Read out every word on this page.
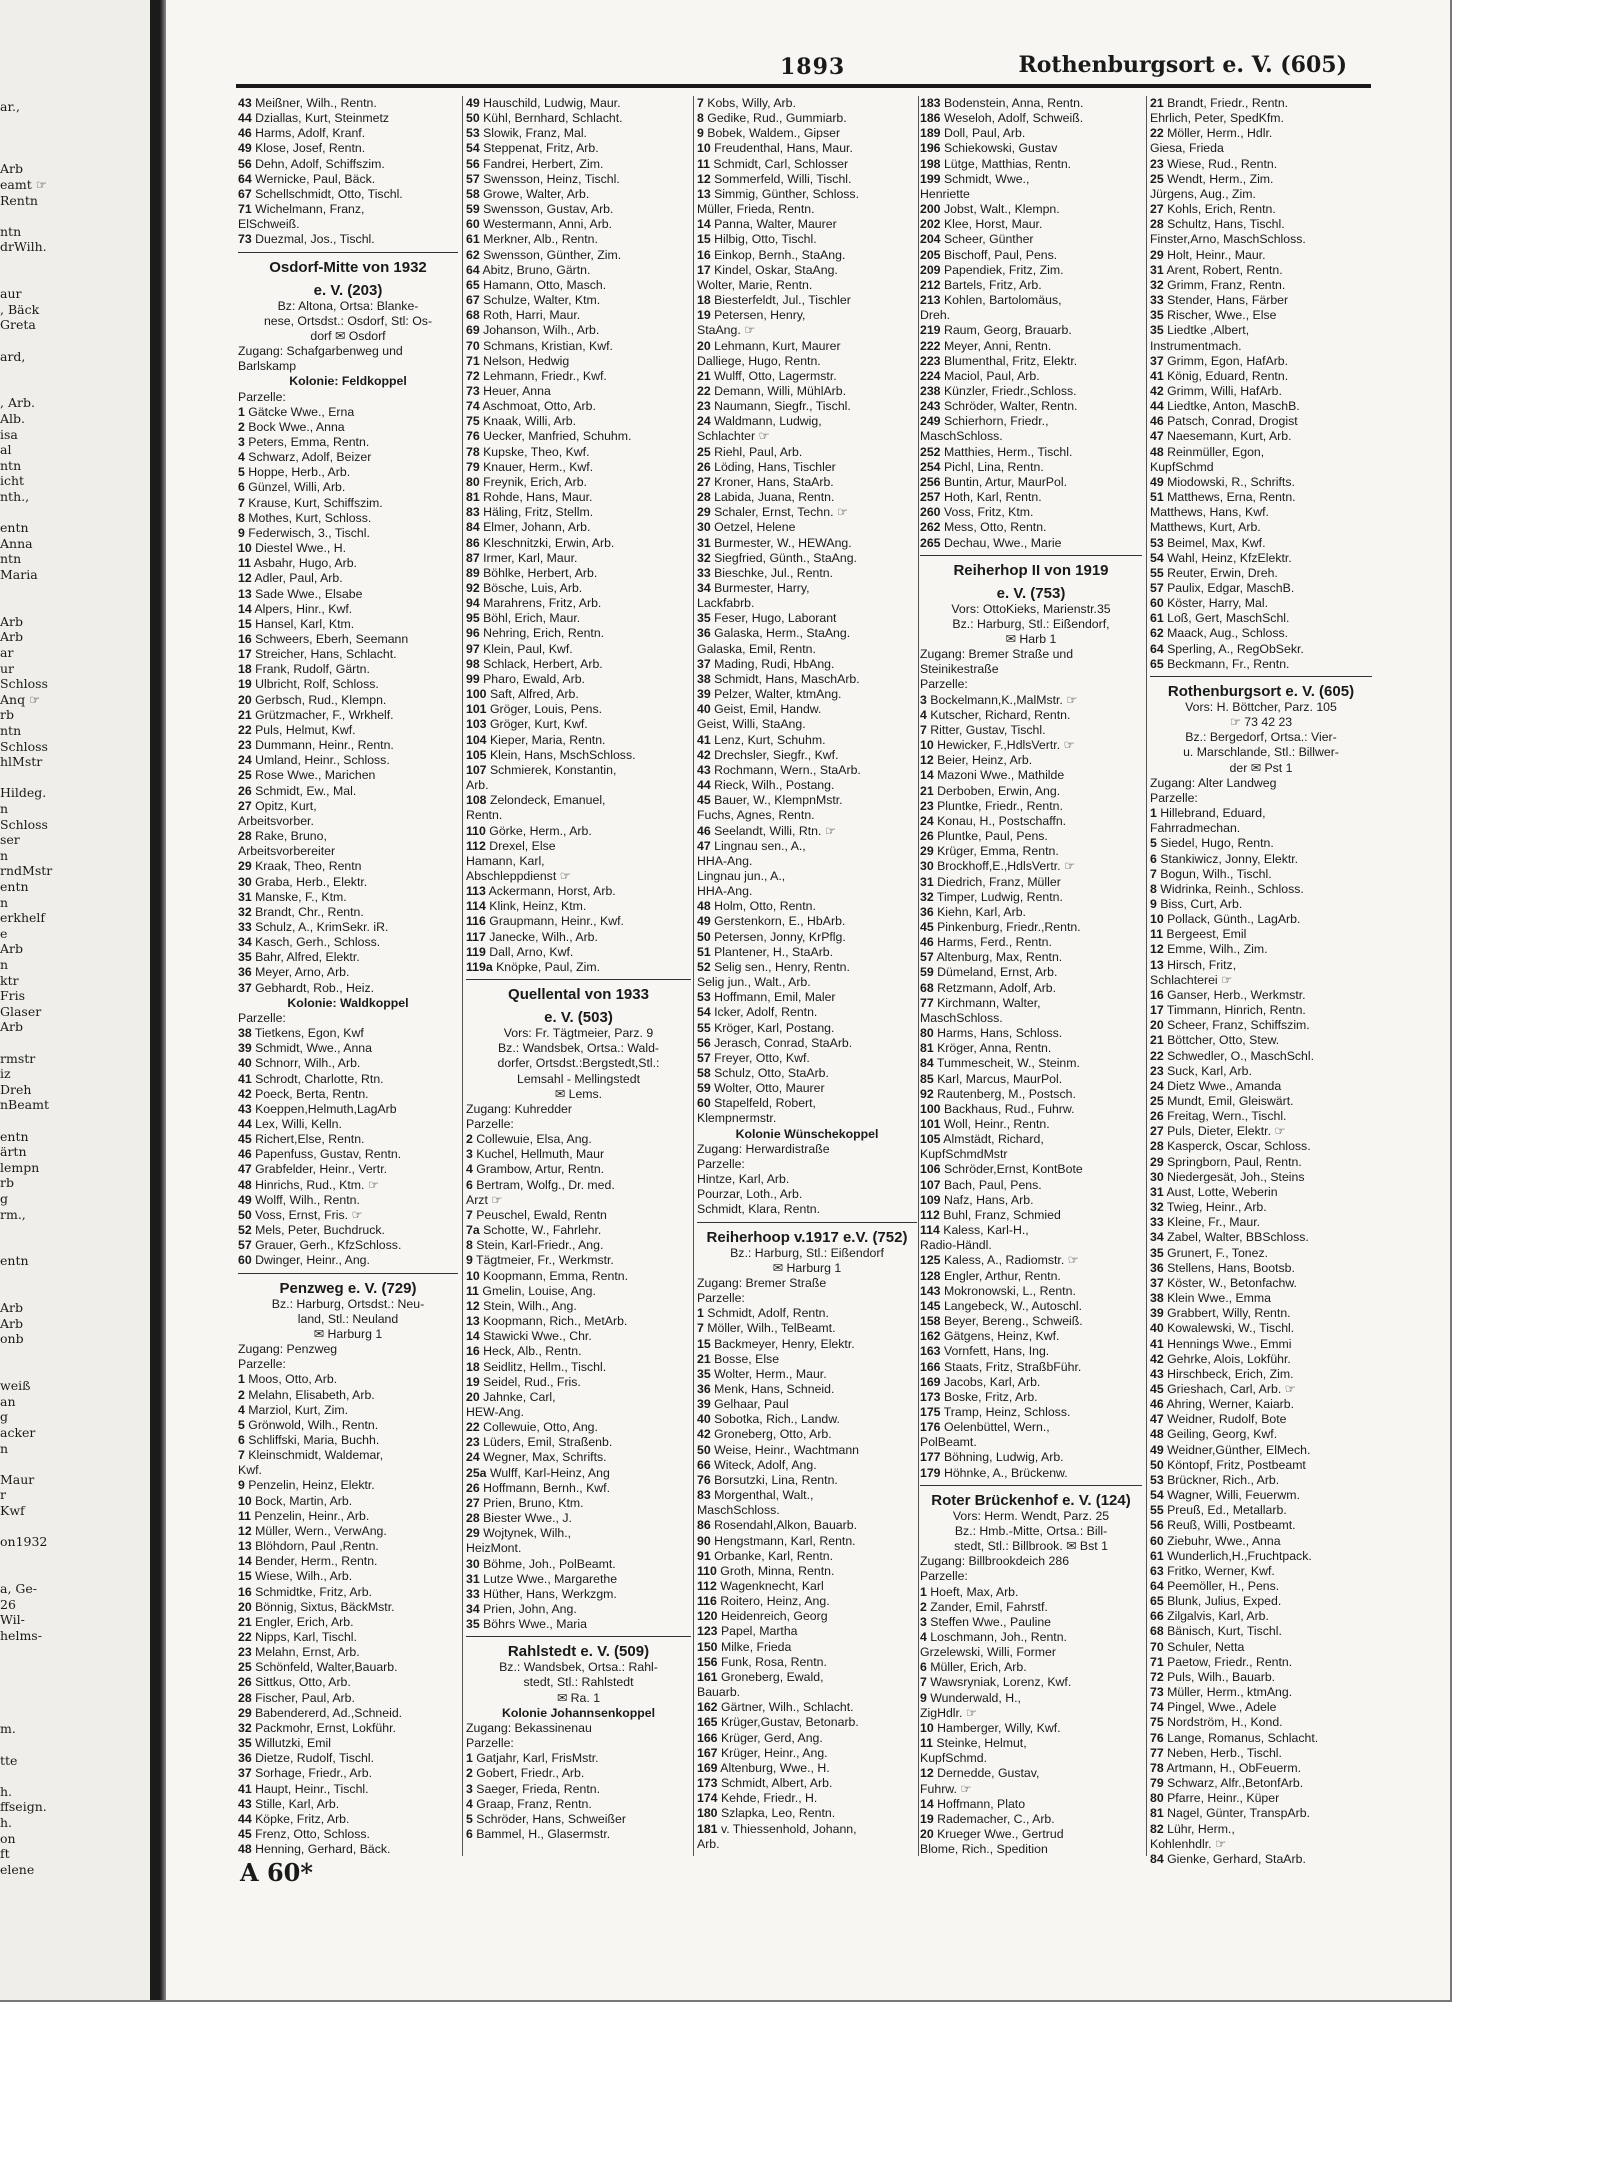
ar.,
Arb
eamt ☞
Rentn
ntn
drWilh.
aur
, Bäck
Greta
ard,
, Arb.
Alb.
isa
al
ntn
icht
nth.,
entn
Anna
ntn
Maria
Arb
Arb
ar
ur
Schloss
Anq ☞
rb
ntn
Schloss
hlMstr
Hildeg.
n
Schloss
ser
n
rndMstr
entn
n
erkhelf
e
Arb
n
ktr
Fris
Glaser
Arb
rmstr
iz
Dreh
nBeamt
entn
ärtn
lempn
rb
g
rm.,
entn
Arb
Arb
onb
weiß
an
g
acker
n
Maur
r
Kwf
on1932
a, Ge-
26
Wil-
helms-
m.
tte
h.
ffseign.
h.
on
ft
elene
1893	Rothenburgsort e. V. (605)
43 Meißner, Wilh., Rentn.
44 Dziallas, Kurt, Steinmetz
46 Harms, Adolf, Kranf.
49 Klose, Josef, Rentn.
56 Dehn, Adolf, Schiffszim.
64 Wernicke, Paul, Bäck.
67 Schellschmidt, Otto, Tischl.
71 Wichelmann, Franz,
ElSchweiß.
73 Duezmal, Jos., Tischl.
Osdorf-Mitte von 1932
e. V. (203)
Bz: Altona, Ortsa: Blanke-
nese, Ortsdst.: Osdorf, Stl: Os-
dorf ✉ Osdorf
Zugang: Schafgarbenweg und
Barlskamp
Kolonie: Feldkoppel
Parzelle:
1 Gätcke Wwe., Erna
2 Bock Wwe., Anna
3 Peters, Emma, Rentn.
4 Schwarz, Adolf, Beizer
5 Hoppe, Herb., Arb.
6 Günzel, Willi, Arb.
7 Krause, Kurt, Schiffszim.
8 Mothes, Kurt, Schloss.
9 Federwisch, 3., Tischl.
10 Diestel Wwe., H.
11 Asbahr, Hugo, Arb.
12 Adler, Paul, Arb.
13 Sade Wwe., Elsabe
14 Alpers, Hinr., Kwf.
15 Hansel, Karl, Ktm.
16 Schweers, Eberh, Seemann
17 Streicher, Hans, Schlacht.
18 Frank, Rudolf, Gärtn.
19 Ulbricht, Rolf, Schloss.
20 Gerbsch, Rud., Klempn.
21 Grützmacher, F., Wrkhelf.
22 Puls, Helmut, Kwf.
23 Dummann, Heinr., Rentn.
24 Umland, Heinr., Schloss.
25 Rose Wwe., Marichen
26 Schmidt, Ew., Mal.
27 Opitz, Kurt,
Arbeitsvorber.
28 Rake, Bruno,
Arbeitsvorbereiter
29 Kraak, Theo, Rentn
30 Graba, Herb., Elektr.
31 Manske, F., Ktm.
32 Brandt, Chr., Rentn.
33 Schulz, A., KrimSekr. iR.
34 Kasch, Gerh., Schloss.
35 Bahr, Alfred, Elektr.
36 Meyer, Arno, Arb.
37 Gebhardt, Rob., Heiz.
Kolonie: Waldkoppel
Parzelle:
38 Tietkens, Egon, Kwf
39 Schmidt, Wwe., Anna
40 Schnorr, Wilh., Arb.
41 Schrodt, Charlotte, Rtn.
42 Poeck, Berta, Rentn.
43 Koeppen,Helmuth,LagArb
44 Lex, Willi, Kelln.
45 Richert,Else, Rentn.
46 Papenfuss, Gustav, Rentn.
47 Grabfelder, Heinr., Vertr.
48 Hinrichs, Rud., Ktm. ☞
49 Wolff, Wilh., Rentn.
50 Voss, Ernst, Fris. ☞
52 Mels, Peter, Buchdruck.
57 Grauer, Gerh., KfzSchloss.
60 Dwinger, Heinr., Ang.
Penzweg e. V. (729)
Bz.: Harburg, Ortsdst.: Neu-
land, Stl.: Neuland
✉ Harburg 1
Zugang: Penzweg
Parzelle:
1 Moos, Otto, Arb.
2 Melahn, Elisabeth, Arb.
4 Marziol, Kurt, Zim.
5 Grönwold, Wilh., Rentn.
6 Schliffski, Maria, Buchh.
7 Kleinschmidt, Waldemar,
Kwf.
9 Penzelin, Heinz, Elektr.
10 Bock, Martin, Arb.
11 Penzelin, Heinr., Arb.
12 Müller, Wern., VerwAng.
13 Blöhdorn, Paul ,Rentn.
14 Bender, Herm., Rentn.
15 Wiese, Wilh., Arb.
16 Schmidtke, Fritz, Arb.
20 Bönnig, Sixtus, BäckMstr.
21 Engler, Erich, Arb.
22 Nipps, Karl, Tischl.
23 Melahn, Ernst, Arb.
25 Schönfeld, Walter,Bauarb.
26 Sittkus, Otto, Arb.
28 Fischer, Paul, Arb.
29 Babendererd, Ad.,Schneid.
32 Packmohr, Ernst, Lokführ.
35 Willutzki, Emil
36 Dietze, Rudolf, Tischl.
37 Sorhage, Friedr., Arb.
41 Haupt, Heinr., Tischl.
43 Stille, Karl, Arb.
44 Köpke, Fritz, Arb.
45 Frenz, Otto, Schloss.
48 Henning, Gerhard, Bäck.
49 Hauschild, Ludwig, Maur.
50 Kühl, Bernhard, Schlacht.
53 Slowik, Franz, Mal.
54 Steppenat, Fritz, Arb.
56 Fandrei, Herbert, Zim.
57 Swensson, Heinz, Tischl.
58 Growe, Walter, Arb.
59 Swensson, Gustav, Arb.
60 Westermann, Anni, Arb.
61 Merkner, Alb., Rentn.
62 Swensson, Günther, Zim.
64 Abitz, Bruno, Gärtn.
65 Hamann, Otto, Masch.
67 Schulze, Walter, Ktm.
68 Roth, Harri, Maur.
69 Johanson, Wilh., Arb.
70 Schmans, Kristian, Kwf.
71 Nelson, Hedwig
72 Lehmann, Friedr., Kwf.
73 Heuer, Anna
74 Aschmoat, Otto, Arb.
75 Knaak, Willi, Arb.
76 Uecker, Manfried, Schuhm.
78 Kupske, Theo, Kwf.
79 Knauer, Herm., Kwf.
80 Freynik, Erich, Arb.
81 Rohde, Hans, Maur.
83 Häling, Fritz, Stellm.
84 Elmer, Johann, Arb.
86 Kleschnitzki, Erwin, Arb.
87 Irmer, Karl, Maur.
89 Böhlke, Herbert, Arb.
92 Bösche, Luis, Arb.
94 Marahrens, Fritz, Arb.
95 Böhl, Erich, Maur.
96 Nehring, Erich, Rentn.
97 Klein, Paul, Kwf.
98 Schlack, Herbert, Arb.
99 Pharo, Ewald, Arb.
100 Saft, Alfred, Arb.
101 Gröger, Louis, Pens.
103 Gröger, Kurt, Kwf.
104 Kieper, Maria, Rentn.
105 Klein, Hans, MschSchloss.
107 Schmierek, Konstantin,
Arb.
108 Zelondeck, Emanuel,
Rentn.
110 Görke, Herm., Arb.
112 Drexel, Else
Hamann, Karl,
Abschleppdienst ☞
113 Ackermann, Horst, Arb.
114 Klink, Heinz, Ktm.
116 Graupmann, Heinr., Kwf.
117 Janecke, Wilh., Arb.
119 Dall, Arno, Kwf.
119a Knöpke, Paul, Zim.
Quellental von 1933
e. V. (503)
Vors: Fr. Tägtmeier, Parz. 9
Bz.: Wandsbek, Ortsa.: Wald-
dorfer, Ortsdst.:Bergstedt,Stl.:
Lemsahl - Mellingstedt
✉ Lems.
Zugang: Kuhredder
Parzelle:
2 Collewuie, Elsa, Ang.
3 Kuchel, Hellmuth, Maur
4 Grambow, Artur, Rentn.
6 Bertram, Wolfg., Dr. med.
Arzt ☞
7 Peuschel, Ewald, Rentn
7a Schotte, W., Fahrlehr.
8 Stein, Karl-Friedr., Ang.
9 Tägtmeier, Fr., Werkmstr.
10 Koopmann, Emma, Rentn.
11 Gmelin, Louise, Ang.
12 Stein, Wilh., Ang.
13 Koopmann, Rich., MetArb.
14 Stawicki Wwe., Chr.
16 Heck, Alb., Rentn.
18 Seidlitz, Hellm., Tischl.
19 Seidel, Rud., Fris.
20 Jahnke, Carl,
HEW-Ang.
22 Collewuie, Otto, Ang.
23 Lüders, Emil, Straßenb.
24 Wegner, Max, Schrifts.
25a Wulff, Karl-Heinz, Ang
26 Hoffmann, Bernh., Kwf.
27 Prien, Bruno, Ktm.
28 Biester Wwe., J.
29 Wojtynek, Wilh.,
HeizMont.
30 Böhme, Joh., PolBeamt.
31 Lutze Wwe., Margarethe
33 Hüther, Hans, Werkzgm.
34 Prien, John, Ang.
35 Böhrs Wwe., Maria
Rahlstedt e. V. (509)
Bz.: Wandsbek, Ortsa.: Rahl-
stedt, Stl.: Rahlstedt
✉ Ra. 1
Kolonie Johannsenkoppel
Zugang: Bekassinenau
Parzelle:
1 Gatjahr, Karl, FrisMstr.
2 Gobert, Friedr., Arb.
3 Saeger, Frieda, Rentn.
4 Graap, Franz, Rentn.
5 Schröder, Hans, Schweißer
6 Bammel, H., Glasermstr.
7 Kobs, Willy, Arb.
8 Gedike, Rud., Gummiarb.
9 Bobek, Waldem., Gipser
10 Freudenthal, Hans, Maur.
11 Schmidt, Carl, Schlosser
12 Sommerfeld, Willi, Tischl.
13 Simmig, Günther, Schloss.
Müller, Frieda, Rentn.
14 Panna, Walter, Maurer
15 Hilbig, Otto, Tischl.
16 Einkop, Bernh., StaAng.
17 Kindel, Oskar, StaAng.
Wolter, Marie, Rentn.
18 Biesterfeldt, Jul., Tischler
19 Petersen, Henry,
StaAng. ☞
20 Lehmann, Kurt, Maurer
Dalliege, Hugo, Rentn.
21 Wulff, Otto, Lagermstr.
22 Demann, Willi, MühlArb.
23 Naumann, Siegfr., Tischl.
24 Waldmann, Ludwig,
Schlachter ☞
25 Riehl, Paul, Arb.
26 Löding, Hans, Tischler
27 Kroner, Hans, StaArb.
28 Labida, Juana, Rentn.
29 Schaler, Ernst, Techn. ☞
30 Oetzel, Helene
31 Burmester, W., HEWAng.
32 Siegfried, Günth., StaAng.
33 Bieschke, Jul., Rentn.
34 Burmester, Harry,
Lackfabrb.
35 Feser, Hugo, Laborant
36 Galaska, Herm., StaAng.
Galaska, Emil, Rentn.
37 Mading, Rudi, HbAng.
38 Schmidt, Hans, MaschArb.
39 Pelzer, Walter, ktmAng.
40 Geist, Emil, Handw.
Geist, Willi, StaAng.
41 Lenz, Kurt, Schuhm.
42 Drechsler, Siegfr., Kwf.
43 Rochmann, Wern., StaArb.
44 Rieck, Wilh., Postang.
45 Bauer, W., KlempnMstr.
Fuchs, Agnes, Rentn.
46 Seelandt, Willi, Rtn. ☞
47 Lingnau sen., A.,
HHA-Ang.
Lingnau jun., A.,
HHA-Ang.
48 Holm, Otto, Rentn.
49 Gerstenkorn, E., HbArb.
50 Petersen, Jonny, KrPflg.
51 Plantener, H., StaArb.
52 Selig sen., Henry, Rentn.
Selig jun., Walt., Arb.
53 Hoffmann, Emil, Maler
54 Icker, Adolf, Rentn.
55 Kröger, Karl, Postang.
56 Jerasch, Conrad, StaArb.
57 Freyer, Otto, Kwf.
58 Schulz, Otto, StaArb.
59 Wolter, Otto, Maurer
60 Stapelfeld, Robert,
Klempnermstr.
Kolonie Wünschekoppel
Zugang: Herwardistraße
Parzelle:
Hintze, Karl, Arb.
Pourzar, Loth., Arb.
Schmidt, Klara, Rentn.
Reiherhoop v.1917 e.V. (752)
Bz.: Harburg, Stl.: Eißendorf
✉ Harburg 1
Zugang: Bremer Straße
Parzelle:
1 Schmidt, Adolf, Rentn.
7 Möller, Wilh., TelBeamt.
15 Backmeyer, Henry, Elektr.
21 Bosse, Else
35 Wolter, Herm., Maur.
36 Menk, Hans, Schneid.
39 Gelhaar, Paul
40 Sobotka, Rich., Landw.
42 Groneberg, Otto, Arb.
50 Weise, Heinr., Wachtmann
66 Witeck, Adolf, Ang.
76 Borsutzki, Lina, Rentn.
83 Morgenthal, Walt.,
MaschSchloss.
86 Rosendahl,Alkon, Bauarb.
90 Hengstmann, Karl, Rentn.
91 Orbanke, Karl, Rentn.
110 Groth, Minna, Rentn.
112 Wagenknecht, Karl
116 Roitero, Heinz, Ang.
120 Heidenreich, Georg
123 Papel, Martha
150 Milke, Frieda
156 Funk, Rosa, Rentn.
161 Groneberg, Ewald,
Bauarb.
162 Gärtner, Wilh., Schlacht.
165 Krüger,Gustav, Betonarb.
166 Krüger, Gerd, Ang.
167 Krüger, Heinr., Ang.
169 Altenburg, Wwe., H.
173 Schmidt, Albert, Arb.
174 Kehde, Friedr., H.
180 Szlapka, Leo, Rentn.
181 v. Thiessenhold, Johann,
Arb.
183 Bodenstein, Anna, Rentn.
186 Weseloh, Adolf, Schweiß.
189 Doll, Paul, Arb.
196 Schiekowski, Gustav
198 Lütge, Matthias, Rentn.
199 Schmidt, Wwe.,
Henriette
200 Jobst, Walt., Klempn.
202 Klee, Horst, Maur.
204 Scheer, Günther
205 Bischoff, Paul, Pens.
209 Papendiek, Fritz, Zim.
212 Bartels, Fritz, Arb.
213 Kohlen, Bartolomäus,
Dreh.
219 Raum, Georg, Brauarb.
222 Meyer, Anni, Rentn.
223 Blumenthal, Fritz, Elektr.
224 Maciol, Paul, Arb.
238 Künzler, Friedr.,Schloss.
243 Schröder, Walter, Rentn.
249 Schierhorn, Friedr.,
MaschSchloss.
252 Matthies, Herm., Tischl.
254 Pichl, Lina, Rentn.
256 Buntin, Artur, MaurPol.
257 Hoth, Karl, Rentn.
260 Voss, Fritz, Ktm.
262 Mess, Otto, Rentn.
265 Dechau, Wwe., Marie
Reiherhop II von 1919
e. V. (753)
Vors: OttoKieks, Marienstr.35
Bz.: Harburg, Stl.: Eißendorf,
✉ Harb 1
Zugang: Bremer Straße und
Steinikestraße
Parzelle:
3 Bockelmann,K.,MalMstr. ☞
4 Kutscher, Richard, Rentn.
7 Ritter, Gustav, Tischl.
10 Hewicker, F.,HdlsVertr. ☞
12 Beier, Heinz, Arb.
14 Mazoni Wwe., Mathilde
21 Derboben, Erwin, Ang.
23 Pluntke, Friedr., Rentn.
24 Konau, H., Postschaffn.
26 Pluntke, Paul, Pens.
29 Krüger, Emma, Rentn.
30 Brockhoff,E.,HdlsVertr. ☞
31 Diedrich, Franz, Müller
32 Timper, Ludwig, Rentn.
36 Kiehn, Karl, Arb.
45 Pinkenburg, Friedr.,Rentn.
46 Harms, Ferd., Rentn.
57 Altenburg, Max, Rentn.
59 Dümeland, Ernst, Arb.
68 Retzmann, Adolf, Arb.
77 Kirchmann, Walter,
MaschSchloss.
80 Harms, Hans, Schloss.
81 Kröger, Anna, Rentn.
84 Tummescheit, W., Steinm.
85 Karl, Marcus, MaurPol.
92 Rautenberg, M., Postsch.
100 Backhaus, Rud., Fuhrw.
101 Woll, Heinr., Rentn.
105 Almstädt, Richard,
KupfSchmdMstr
106 Schröder,Ernst, KontBote
107 Bach, Paul, Pens.
109 Nafz, Hans, Arb.
112 Buhl, Franz, Schmied
114 Kaless, Karl-H.,
Radio-Händl.
125 Kaless, A., Radiomstr. ☞
128 Engler, Arthur, Rentn.
143 Mokronowski, L., Rentn.
145 Langebeck, W., Autoschl.
158 Beyer, Bereng., Schweiß.
162 Gätgens, Heinz, Kwf.
163 Vornfett, Hans, Ing.
166 Staats, Fritz, StraßbFühr.
169 Jacobs, Karl, Arb.
173 Boske, Fritz, Arb.
175 Tramp, Heinz, Schloss.
176 Oelenbüttel, Wern.,
PolBeamt.
177 Böhning, Ludwig, Arb.
179 Höhnke, A., Brückenw.
Roter Brückenhof e. V. (124)
Vors: Herm. Wendt, Parz. 25
Bz.: Hmb.-Mitte, Ortsa.: Bill-
stedt, Stl.: Billbrook. ✉ Bst 1
Zugang: Billbrookdeich 286
Parzelle:
1 Hoeft, Max, Arb.
2 Zander, Emil, Fahrstf.
3 Steffen Wwe., Pauline
4 Loschmann, Joh., Rentn.
Grzelewski, Willi, Former
6 Müller, Erich, Arb.
7 Wawsryniak, Lorenz, Kwf.
9 Wunderwald, H.,
ZigHdlr. ☞
10 Hamberger, Willy, Kwf.
11 Steinke, Helmut,
KupfSchmd.
12 Dernedde, Gustav,
Fuhrw. ☞
14 Hoffmann, Plato
19 Rademacher, C., Arb.
20 Krueger Wwe., Gertrud
Blome, Rich., Spedition
21 Brandt, Friedr., Rentn.
Ehrlich, Peter, SpedKfm.
22 Möller, Herm., Hdlr.
Giesa, Frieda
23 Wiese, Rud., Rentn.
25 Wendt, Herm., Zim.
Jürgens, Aug., Zim.
27 Kohls, Erich, Rentn.
28 Schultz, Hans, Tischl.
Finster,Arno, MaschSchloss.
29 Holt, Heinr., Maur.
31 Arent, Robert, Rentn.
32 Grimm, Franz, Rentn.
33 Stender, Hans, Färber
35 Rischer, Wwe., Else
35 Liedtke ,Albert,
Instrumentmach.
37 Grimm, Egon, HafArb.
41 König, Eduard, Rentn.
42 Grimm, Willi, HafArb.
44 Liedtke, Anton, MaschB.
46 Patsch, Conrad, Drogist
47 Naesemann, Kurt, Arb.
48 Reinmüller, Egon,
KupfSchmd
49 Miodowski, R., Schrifts.
51 Matthews, Erna, Rentn.
Matthews, Hans, Kwf.
Matthews, Kurt, Arb.
53 Beimel, Max, Kwf.
54 Wahl, Heinz, KfzElektr.
55 Reuter, Erwin, Dreh.
57 Paulix, Edgar, MaschB.
60 Köster, Harry, Mal.
61 Loß, Gert, MaschSchl.
62 Maack, Aug., Schloss.
64 Sperling, A., RegObSekr.
65 Beckmann, Fr., Rentn.
Rothenburgsort e. V. (605)
Vors: H. Böttcher, Parz. 105
☞ 73 42 23
Bz.: Bergedorf, Ortsa.: Vier-
u. Marschlande, Stl.: Billwer-
der ✉ Pst 1
Zugang: Alter Landweg
Parzelle:
1 Hillebrand, Eduard,
Fahrradmechan.
5 Siedel, Hugo, Rentn.
6 Stankiwicz, Jonny, Elektr.
7 Bogun, Wilh., Tischl.
8 Widrinka, Reinh., Schloss.
9 Biss, Curt, Arb.
10 Pollack, Günth., LagArb.
11 Bergeest, Emil
12 Emme, Wilh., Zim.
13 Hirsch, Fritz,
Schlachterei ☞
16 Ganser, Herb., Werkmstr.
17 Timmann, Hinrich, Rentn.
20 Scheer, Franz, Schiffszim.
21 Böttcher, Otto, Stew.
22 Schwedler, O., MaschSchl.
23 Suck, Karl, Arb.
24 Dietz Wwe., Amanda
25 Mundt, Emil, Gleiswärt.
26 Freitag, Wern., Tischl.
27 Puls, Dieter, Elektr. ☞
28 Kasperck, Oscar, Schloss.
29 Springborn, Paul, Rentn.
30 Niedergesät, Joh., Steins
31 Aust, Lotte, Weberin
32 Twieg, Heinr., Arb.
33 Kleine, Fr., Maur.
34 Zabel, Walter, BBSchloss.
35 Grunert, F., Tonez.
36 Stellens, Hans, Bootsb.
37 Köster, W., Betonfachw.
38 Klein Wwe., Emma
39 Grabbert, Willy, Rentn.
40 Kowalewski, W., Tischl.
41 Hennings Wwe., Emmi
42 Gehrke, Alois, Lokführ.
43 Hirschbeck, Erich, Zim.
45 Grieshach, Carl, Arb. ☞
46 Ahring, Werner, Kaiarb.
47 Weidner, Rudolf, Bote
48 Geiling, Georg, Kwf.
49 Weidner,Günther, ElMech.
50 Köntopf, Fritz, Postbeamt
53 Brückner, Rich., Arb.
54 Wagner, Willi, Feuerwm.
55 Preuß, Ed., Metallarb.
56 Reuß, Willi, Postbeamt.
60 Ziebuhr, Wwe., Anna
61 Wunderlich,H.,Fruchtpack.
63 Fritko, Werner, Kwf.
64 Peemöller, H., Pens.
65 Blunk, Julius, Exped.
66 Zilgalvis, Karl, Arb.
68 Bänisch, Kurt, Tischl.
70 Schuler, Netta
71 Paetow, Friedr., Rentn.
72 Puls, Wilh., Bauarb.
73 Müller, Herm., ktmAng.
74 Pingel, Wwe., Adele
75 Nordström, H., Kond.
76 Lange, Romanus, Schlacht.
77 Neben, Herb., Tischl.
78 Artmann, H., ObFeuerm.
79 Schwarz, Alfr.,BetonfArb.
80 Pfarre, Heinr., Küper
81 Nagel, Günter, TranspArb.
82 Lühr, Herm.,
Kohlenhdlr. ☞
84 Gienke, Gerhard, StaArb.
A 60*
